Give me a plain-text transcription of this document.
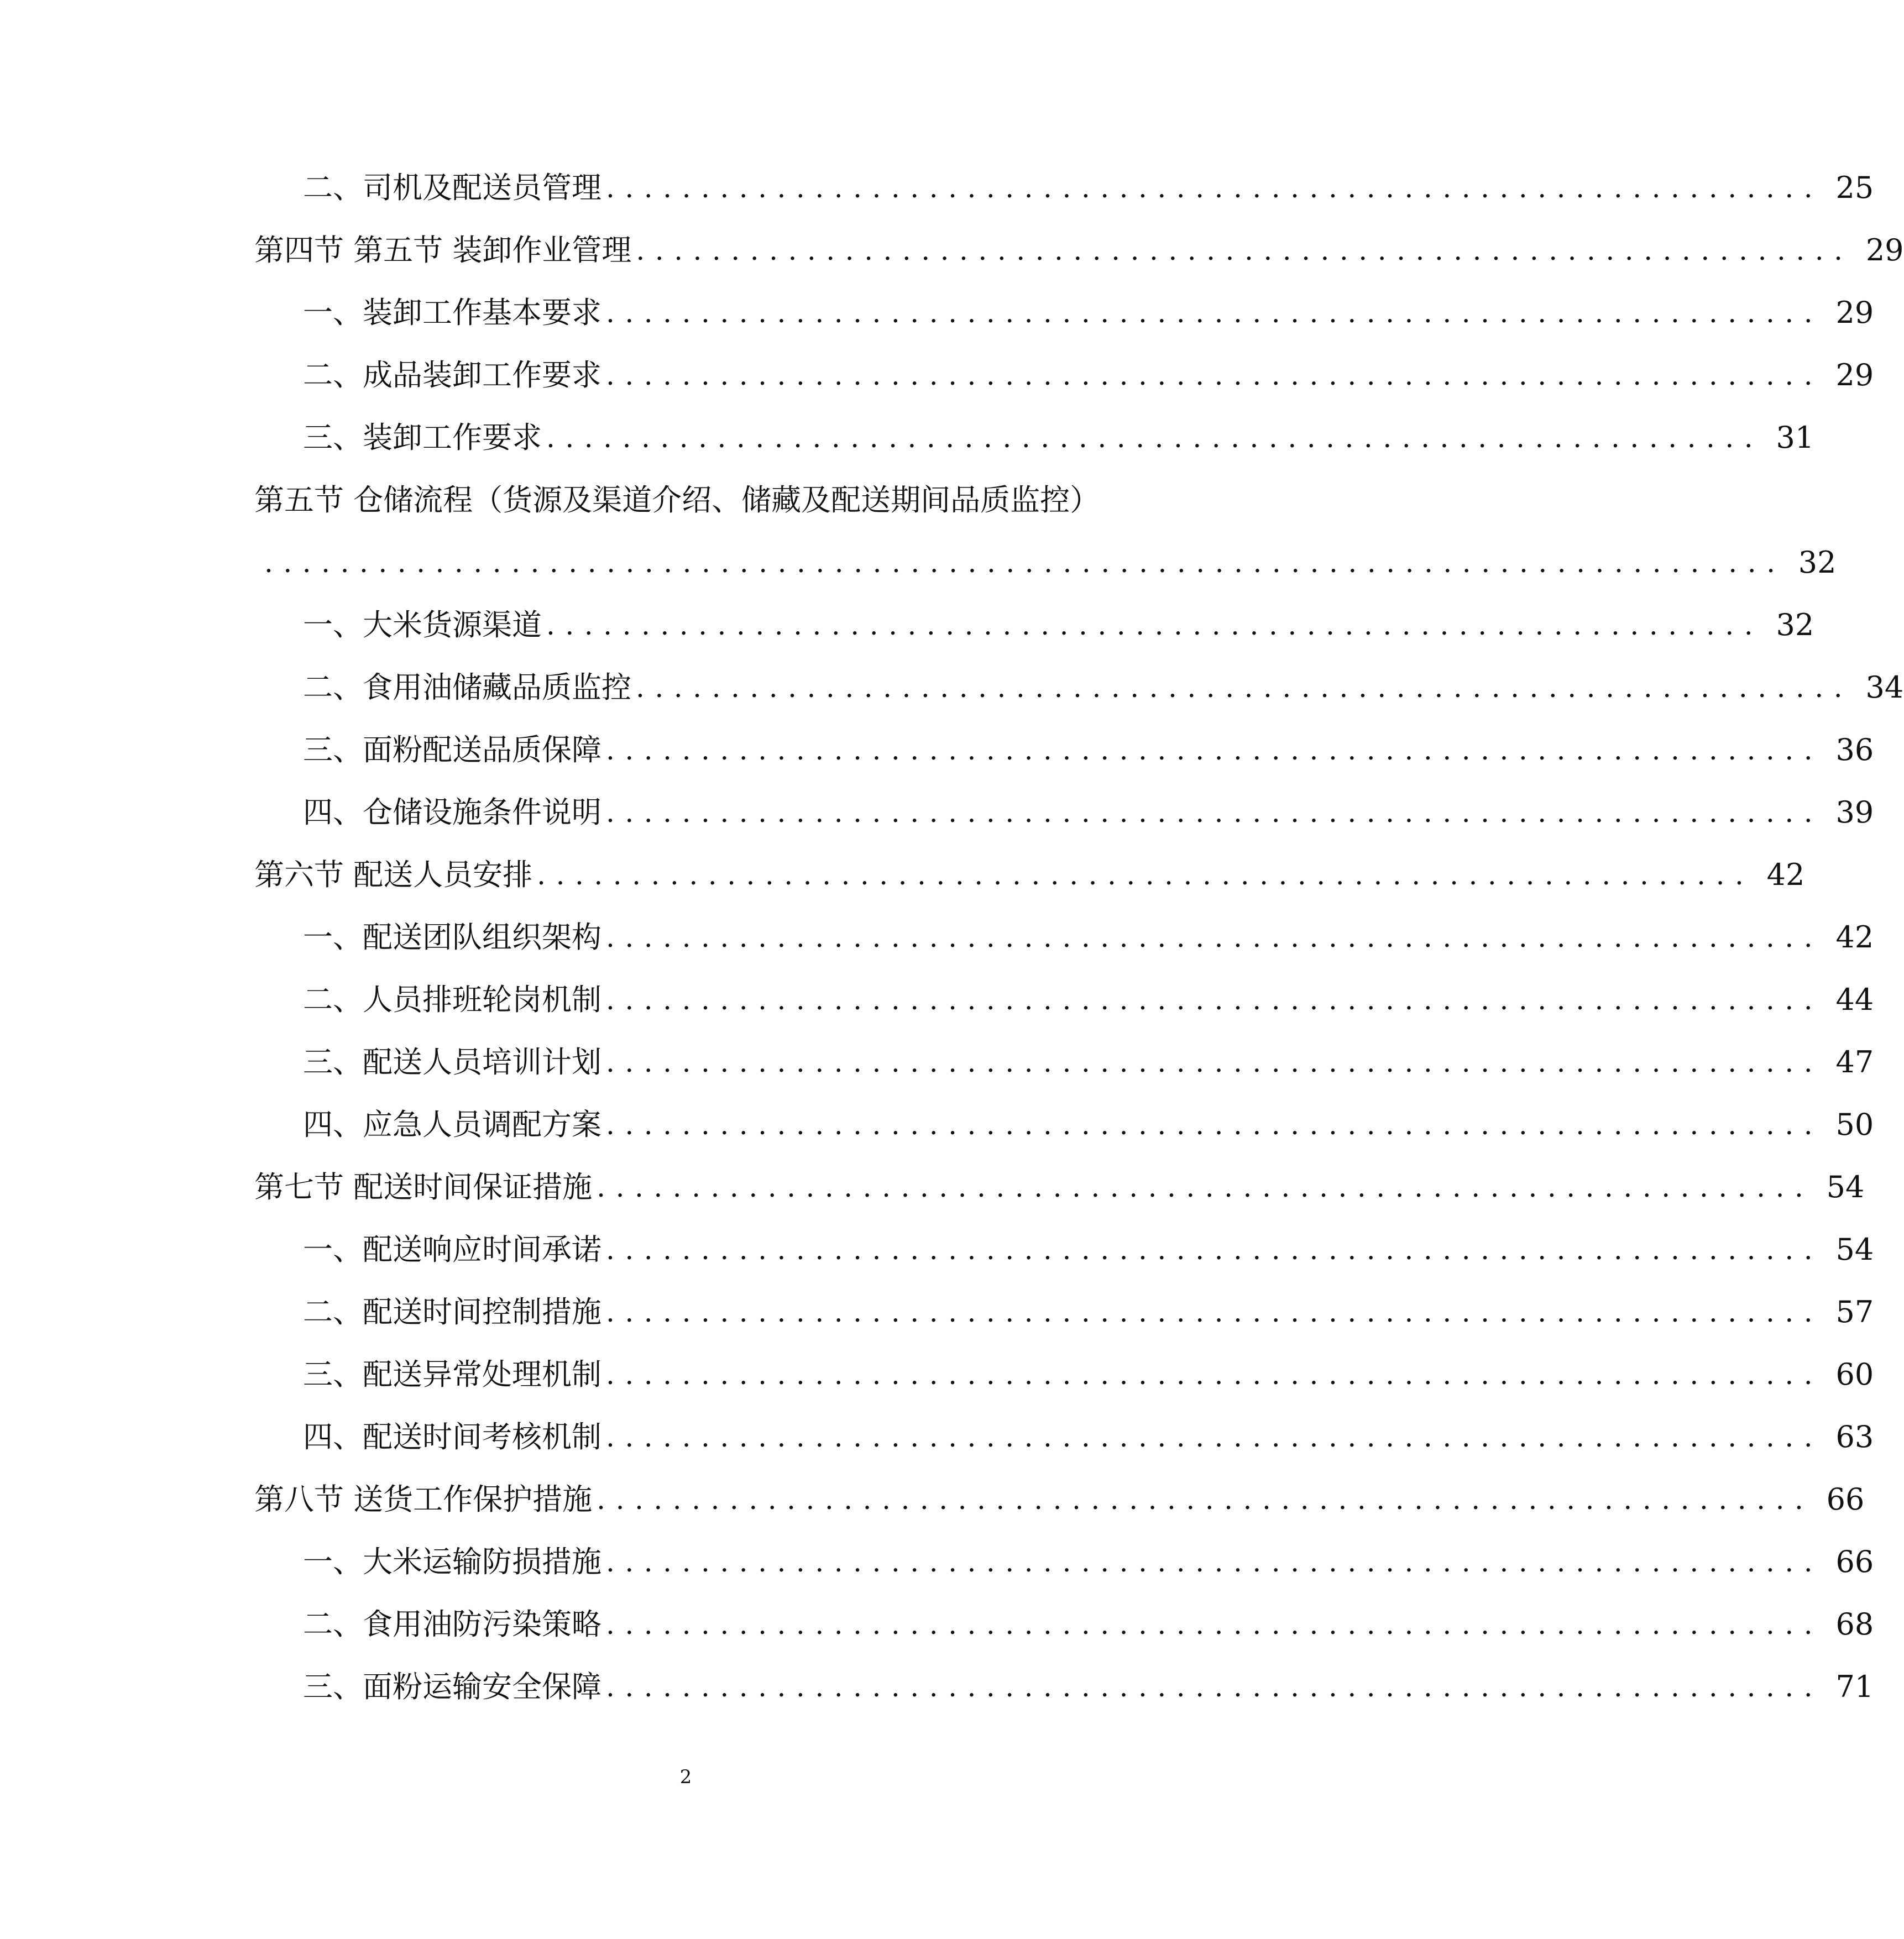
二、司机及配送员管理 ................................................................ 25
第四节 第五节 装卸作业管理 ................................................................ 29
一、装卸工作基本要求 ................................................................ 29
二、成品装卸工作要求 ................................................................ 29
三、装卸工作要求 ................................................................ 31
第五节 仓储流程（货源及渠道介绍、储藏及配送期间品质监控）
................................................................................ 32
一、大米货源渠道 ................................................................ 32
二、食用油储藏品质监控 ................................................................ 34
三、面粉配送品质保障 ................................................................ 36
四、仓储设施条件说明 ................................................................ 39
第六节 配送人员安排 ................................................................ 42
一、配送团队组织架构 ................................................................ 42
二、人员排班轮岗机制 ................................................................ 44
三、配送人员培训计划 ................................................................ 47
四、应急人员调配方案 ................................................................ 50
第七节 配送时间保证措施 ................................................................ 54
一、配送响应时间承诺 ................................................................ 54
二、配送时间控制措施 ................................................................ 57
三、配送异常处理机制 ................................................................ 60
四、配送时间考核机制 ................................................................ 63
第八节 送货工作保护措施 ................................................................ 66
一、大米运输防损措施 ................................................................ 66
二、食用油防污染策略 ................................................................ 68
三、面粉运输安全保障 ................................................................ 71
2
